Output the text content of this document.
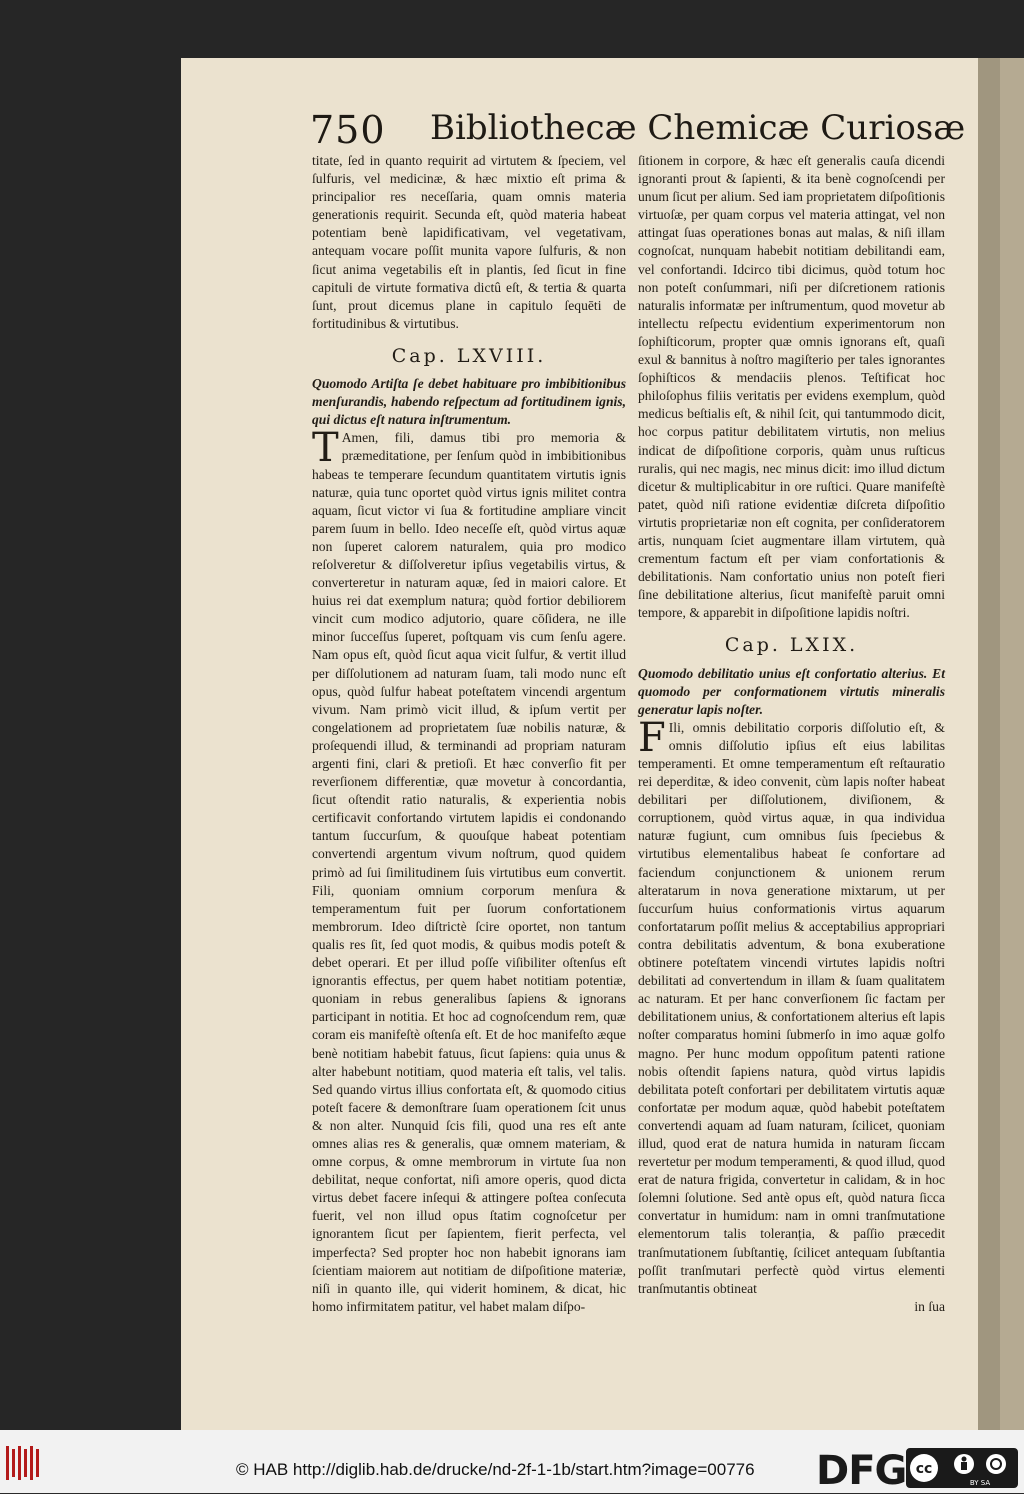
750 Bibliothecæ Chemicæ Curiosæ

titate, ſed in quanto requirit ad virtutem & ſpeciem, vel ſulfuris, vel medicinæ, & hæc mixtio eſt prima & principalior res neceſſaria, quam omnis materia generationis requirit. Secunda eſt, quòd materia habeat potentiam benè lapidificativam, vel vegetativam, antequam vocare poſſit munita vapore ſulfuris, & non ſicut anima vegetabilis eſt in plantis, ſed ſicut in fine capituli de virtute formativa dictû eſt, & tertia & quarta ſunt, prout dicemus plane in capitulo ſequēti de fortitudinibus & virtutibus.

Cap. LXVIII.

Quomodo Artiſta ſe debet habituare pro imbibitionibus menſurandis, habendo reſpectum ad fortitudinem ignis, qui dictus eſt natura inſtrumentum.

T Amen, fili, damus tibi pro memoria & præmeditatione, per ſenſum quòd in imbibitionibus habeas te temperare ſecundum quantitatem virtutis ignis naturæ, quia tunc oportet quòd virtus ignis militet contra aquam, ſicut victor vi ſua & fortitudine ampliare vincit parem ſuum in bello. Ideo neceſſe eſt, quòd virtus aquæ non ſuperet calorem naturalem, quia pro modico reſolveretur & diſſolveretur ipſius vegetabilis virtus, & converteretur in naturam aquæ, ſed in maiori calore. Et huius rei dat exemplum natura; quòd fortior debiliorem vincit cum modico adjutorio, quare cōſidera, ne ille minor ſucceſſus ſuperet, poſtquam vis cum ſenſu agere. Nam opus eſt, quòd ſicut aqua vicit ſulfur, & vertit illud per diſſolutionem ad naturam ſuam, tali modo nunc eſt opus, quòd ſulfur habeat poteſtatem vincendi argentum vivum. Nam primò vicit illud, & ipſum vertit per congelationem ad proprietatem ſuæ nobilis naturæ, & proſequendi illud, & terminandi ad propriam naturam argenti fini, clari & pretioſi. Et hæc converſio fit per reverſionem differentiæ, quæ movetur à concordantia, ſicut oſtendit ratio naturalis, & experientia nobis certificavit confortando virtutem lapidis ei condonando tantum ſuccurſum, & quouſque habeat potentiam convertendi argentum vivum noſtrum, quod quidem primò ad ſui ſimilitudinem ſuis virtutibus eum convertit. Fili, quoniam omnium corporum menſura & temperamentum fuit per ſuorum confortationem membrorum. Ideo diſtrictè ſcire oportet, non tantum qualis res ſit, ſed quot modis, & quibus modis poteſt & debet operari. Et per illud poſſe viſibiliter oſtenſus eſt ignorantis effectus, per quem habet notitiam potentiæ, quoniam in rebus generalibus ſapiens & ignorans participant in notitia. Et hoc ad cognoſcendum rem, quæ coram eis manifeſtè oſtenſa eſt. Et de hoc manifeſto æque benè notitiam habebit fatuus, ſicut ſapiens: quia unus & alter habebunt notitiam, quod materia eſt talis, vel talis. Sed quando virtus illius confortata eſt, & quomodo citius poteſt facere & demonſtrare ſuam operationem ſcit unus & non alter. Nunquid ſcis fili, quod una res eſt ante omnes alias res & generalis, quæ omnem materiam, & omne corpus, & omne membrorum in virtute ſua non debilitat, neque confortat, niſi amore operis, quod dicta virtus debet facere inſequi & attingere poſtea conſecuta fuerit, vel non illud opus ſtatim cognoſcetur per ignorantem ſicut per ſapientem, fierit perfecta, vel imperfecta? Sed propter hoc non habebit ignorans iam ſcientiam maiorem aut notitiam de diſpoſitione materiæ, niſi in quanto ille, qui viderit hominem, & dicat, hic homo infirmitatem patitur, vel habet malam diſpo-

ſitionem in corpore, & hæc eſt generalis cauſa dicendi ignoranti prout & ſapienti, & ita benè cognoſcendi per unum ſicut per alium. Sed iam proprietatem diſpoſitionis virtuoſæ, per quam corpus vel materia attingat, vel non attingat ſuas operationes bonas aut malas, & niſi illam cognoſcat, nunquam habebit notitiam debilitandi eam, vel confortandi. Idcirco tibi dicimus, quòd totum hoc non poteſt conſummari, niſi per diſcretionem rationis naturalis informatæ per inſtrumentum, quod movetur ab intellectu reſpectu evidentium experimentorum non ſophiſticorum, propter quæ omnis ignorans eſt, quaſi exul & bannitus à noſtro magiſterio per tales ignorantes ſophiſticos & mendaciis plenos. Teſtificat hoc philoſophus filiis veritatis per evidens exemplum, quòd medicus beſtialis eſt, & nihil ſcit, qui tantummodo dicit, hoc corpus patitur debilitatem virtutis, non melius indicat de diſpoſitione corporis, quàm unus ruſticus ruralis, qui nec magis, nec minus dicit: imo illud dictum dicetur & multiplicabitur in ore ruſtici. Quare manifeſtè patet, quòd niſi ratione evidentiæ diſcreta diſpoſitio virtutis proprietariæ non eſt cognita, per conſideratorem artis, nunquam ſciet augmentare illam virtutem, quà crementum factum eſt per viam confortationis & debilitationis. Nam confortatio unius non poteſt fieri ſine debilitatione alterius, ſicut manifeſtè paruit omni tempore, & apparebit in diſpoſitione lapidis noſtri.

Cap. LXIX.

Quomodo debilitatio unius eſt confortatio alterius. Et quomodo per conformationem virtutis mineralis generatur lapis noſter.

F Ili, omnis debilitatio corporis diſſolutio eſt, & omnis diſſolutio ipſius eſt eius labilitas temperamenti. Et omne temperamentum eſt reſtauratio rei deperditæ, & ideo convenit, cùm lapis noſter habeat debilitari per diſſolutionem, diviſionem, & corruptionem, quòd virtus aquæ, in qua individua naturæ fugiunt, cum omnibus ſuis ſpeciebus & virtutibus elementalibus habeat ſe confortare ad faciendum conjunctionem & unionem rerum alteratarum in nova generatione mixtarum, ut per ſuccurſum huius conformationis virtus aquarum confortatarum poſſit melius & acceptabilius appropriari contra debilitatis adventum, & bona exuberatione obtinere poteſtatem vincendi virtutes lapidis noſtri debilitati ad convertendum in illam & ſuam qualitatem ac naturam. Et per hanc converſionem ſic factam per debilitationem unius, & confortationem alterius eſt lapis noſter comparatus homini ſubmerſo in imo aquæ golfo magno. Per hunc modum oppoſitum patenti ratione nobis oſtendit ſapiens natura, quòd virtus lapidis debilitata poteſt confortari per debilitatem virtutis aquæ confortatæ per modum aquæ, quòd habebit poteſtatem convertendi aquam ad ſuam naturam, ſcilicet, quoniam illud, quod erat de natura humida in naturam ſiccam revertetur per modum temperamenti, & quod illud, quod erat de natura frigida, convertetur in calidam, & in hoc ſolemni ſolutione. Sed antè opus eſt, quòd natura ſicca convertatur in humidum: nam in omni tranſmutatione elementorum talis toleranția, & paſſio præcedit tranſmutationem ſubſtantię, ſcilicet antequam ſubſtantia poſſit tranſmutari perfectè quòd virtus elementi tranſmutantis obtineat

in ſua

© HAB http://diglib.hab.de/drucke/nd-2f-1-1b/start.htm?image=00776 DFG cc
BY SA
